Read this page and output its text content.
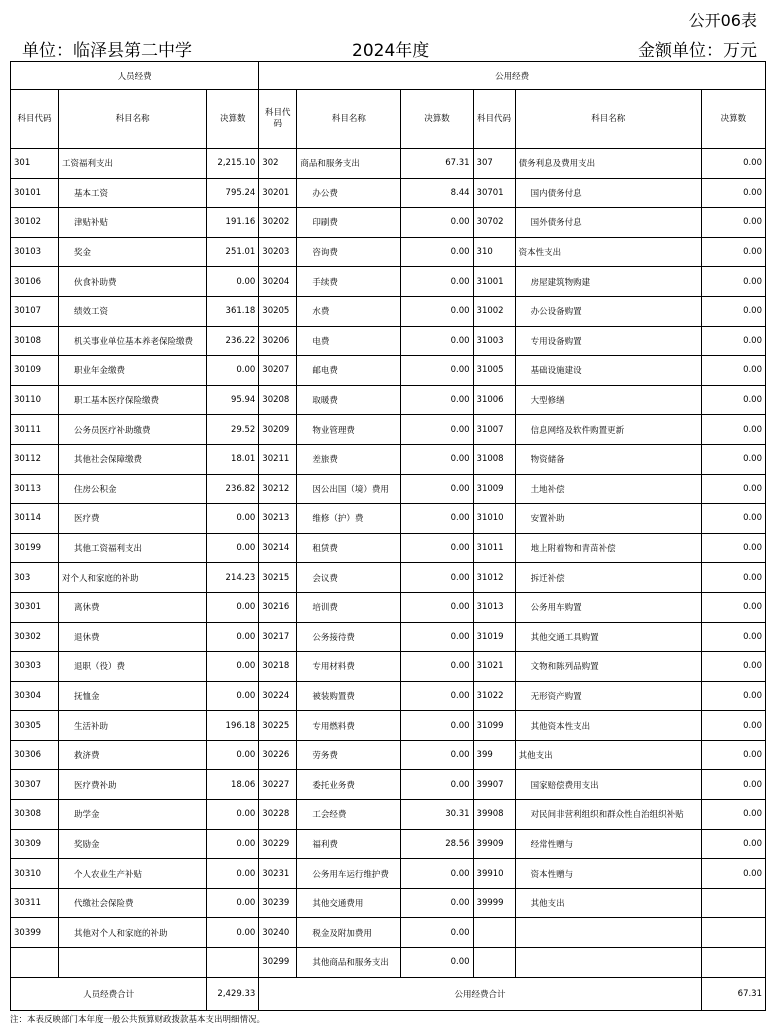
公开06表
单位：临泽县第二中学	2024年度	金额单位：万元
人员经费			公用经费					
科目代码	科目名称	决算数	科目代码	科目名称	决算数	科目代码	科目名称	决算数
301	工资福利支出	2,215.10	302	商品和服务支出	67.31	307	债务利息及费用支出	0.00
30101	基本工资	795.24	30201	办公费	8.44	30701	国内债务付息	0.00
30102	津贴补贴	191.16	30202	印刷费	0.00	30702	国外债务付息	0.00
30103	奖金	251.01	30203	咨询费	0.00	310	资本性支出	0.00
30106	伙食补助费	0.00	30204	手续费	0.00	31001	房屋建筑物购建	0.00
30107	绩效工资	361.18	30205	水费	0.00	31002	办公设备购置	0.00
30108	机关事业单位基本养老保险缴费	236.22	30206	电费	0.00	31003	专用设备购置	0.00
30109	职业年金缴费	0.00	30207	邮电费	0.00	31005	基础设施建设	0.00
30110	职工基本医疗保险缴费	95.94	30208	取暖费	0.00	31006	大型修缮	0.00
30111	公务员医疗补助缴费	29.52	30209	物业管理费	0.00	31007	信息网络及软件购置更新	0.00
30112	其他社会保障缴费	18.01	30211	差旅费	0.00	31008	物资储备	0.00
30113	住房公积金	236.82	30212	因公出国（境）费用	0.00	31009	土地补偿	0.00
30114	医疗费	0.00	30213	维修（护）费	0.00	31010	安置补助	0.00
30199	其他工资福利支出	0.00	30214	租赁费	0.00	31011	地上附着物和青苗补偿	0.00
303	对个人和家庭的补助	214.23	30215	会议费	0.00	31012	拆迁补偿	0.00
30301	离休费	0.00	30216	培训费	0.00	31013	公务用车购置	0.00
30302	退休费	0.00	30217	公务接待费	0.00	31019	其他交通工具购置	0.00
30303	退职（役）费	0.00	30218	专用材料费	0.00	31021	文物和陈列品购置	0.00
30304	抚恤金	0.00	30224	被装购置费	0.00	31022	无形资产购置	0.00
30305	生活补助	196.18	30225	专用燃料费	0.00	31099	其他资本性支出	0.00
30306	救济费	0.00	30226	劳务费	0.00	399	其他支出	0.00
30307	医疗费补助	18.06	30227	委托业务费	0.00	39907	国家赔偿费用支出	0.00
30308	助学金	0.00	30228	工会经费	30.31	39908	对民间非营利组织和群众性自治组织补贴	0.00
30309	奖励金	0.00	30229	福利费	28.56	39909	经常性赠与	0.00
30310	个人农业生产补贴	0.00	30231	公务用车运行维护费	0.00	39910	资本性赠与	0.00
30311	代缴社会保险费	0.00	30239	其他交通费用	0.00	39999	其他支出	
30399	其他对个人和家庭的补助	0.00	30240	税金及附加费用	0.00			
			30299	其他商品和服务支出	0.00			
人员经费合计		2,429.33	公用经费合计					67.31
注：本表反映部门本年度一般公共预算财政拨款基本支出明细情况。
